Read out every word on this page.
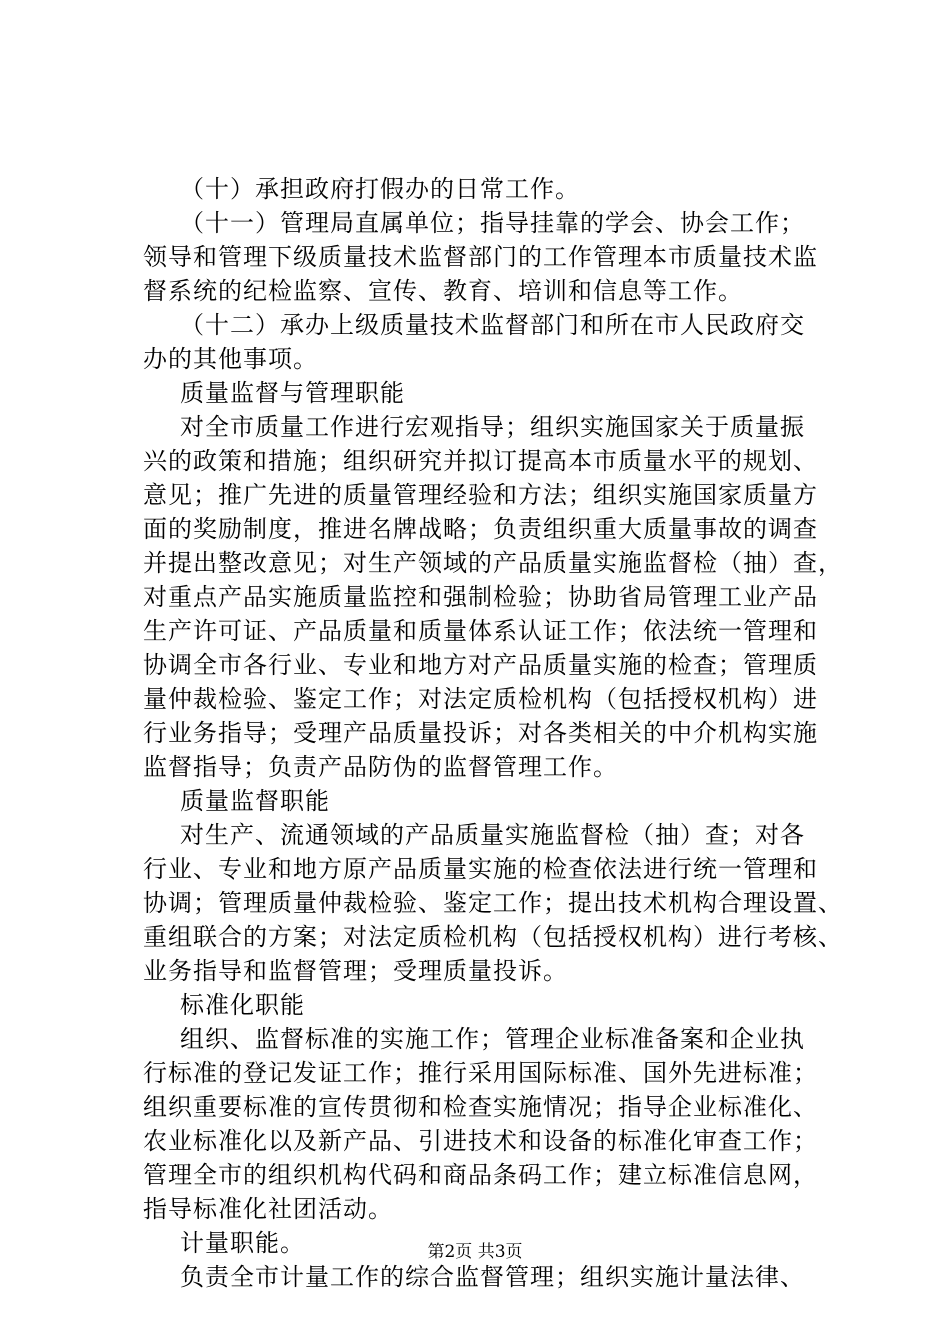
（十）承担政府打假办的日常工作。
（十一）管理局直属单位；指导挂靠的学会、协会工作；
领导和管理下级质量技术监督部门的工作管理本市质量技术监
督系统的纪检监察、宣传、教育、培训和信息等工作。
（十二）承办上级质量技术监督部门和所在市人民政府交
办的其他事项。
质量监督与管理职能
对全市质量工作进行宏观指导；组织实施国家关于质量振
兴的政策和措施；组织研究并拟订提高本市质量水平的规划、
意见；推广先进的质量管理经验和方法；组织实施国家质量方
面的奖励制度，推进名牌战略；负责组织重大质量事故的调查
并提出整改意见；对生产领域的产品质量实施监督检（抽）查，
对重点产品实施质量监控和强制检验；协助省局管理工业产品
生产许可证、产品质量和质量体系认证工作；依法统一管理和
协调全市各行业、专业和地方对产品质量实施的检查；管理质
量仲裁检验、鉴定工作；对法定质检机构（包括授权机构）进
行业务指导；受理产品质量投诉；对各类相关的中介机构实施
监督指导；负责产品防伪的监督管理工作。
质量监督职能
对生产、流通领域的产品质量实施监督检（抽）查；对各
行业、专业和地方原产品质量实施的检查依法进行统一管理和
协调；管理质量仲裁检验、鉴定工作；提出技术机构合理设置、
重组联合的方案；对法定质检机构（包括授权机构）进行考核、
业务指导和监督管理；受理质量投诉。
标准化职能
组织、监督标准的实施工作；管理企业标准备案和企业执
行标准的登记发证工作；推行采用国际标准、国外先进标准；
组织重要标准的宣传贯彻和检查实施情况；指导企业标准化、
农业标准化以及新产品、引进技术和设备的标准化审查工作；
管理全市的组织机构代码和商品条码工作；建立标准信息网，
指导标准化社团活动。
计量职能。
负责全市计量工作的综合监督管理；组织实施计量法律、
第2页 共3页
